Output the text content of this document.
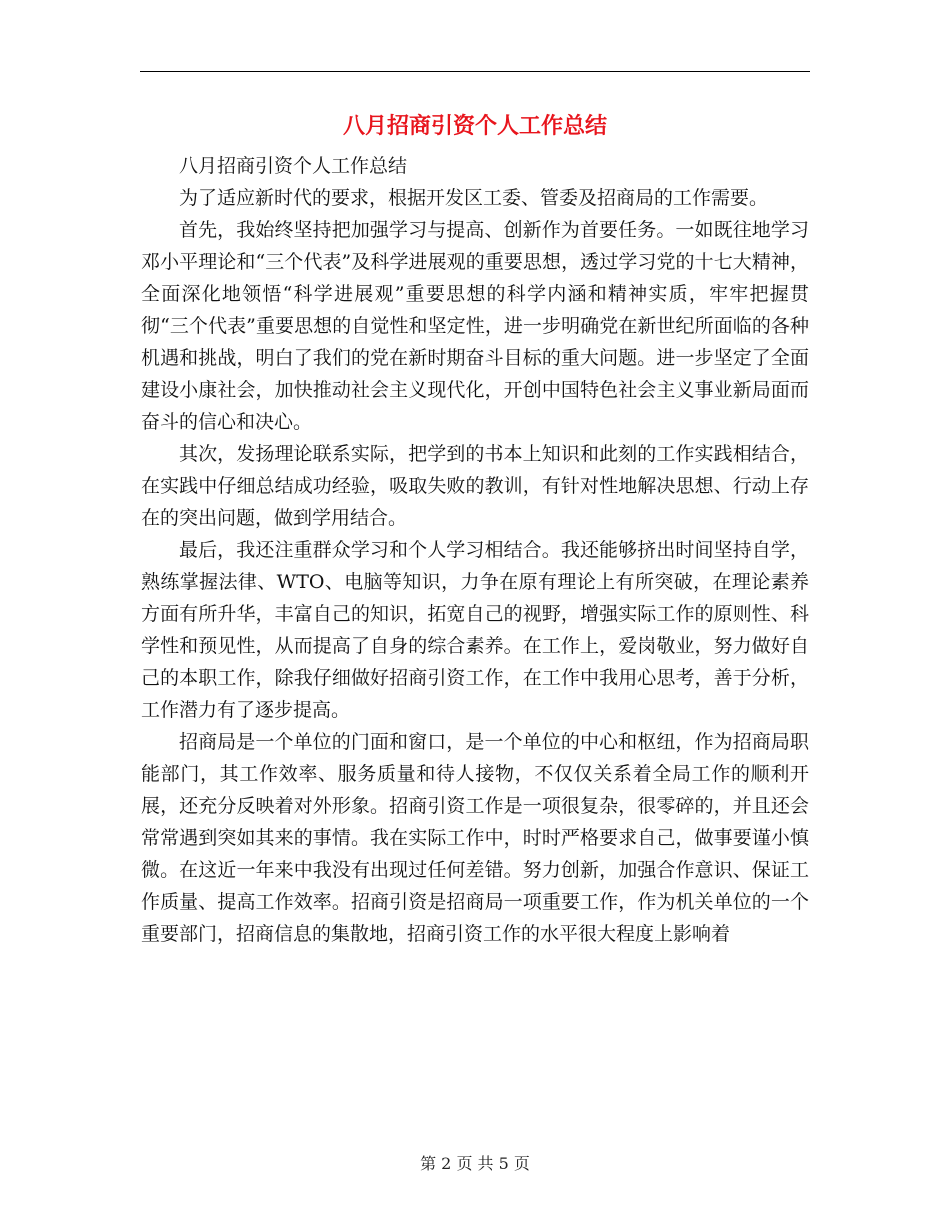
八月招商引资个人工作总结

八月招商引资个人工作总结

为了适应新时代的要求，根据开发区工委、管委及招商局的工作需要。

首先，我始终坚持把加强学习与提高、创新作为首要任务。一如既往地学习邓小平理论和“三个代表”及科学进展观的重要思想，透过学习党的十七大精神，全面深化地领悟“科学进展观”重要思想的科学内涵和精神实质，牢牢把握贯彻“三个代表”重要思想的自觉性和坚定性，进一步明确党在新世纪所面临的各种机遇和挑战，明白了我们的党在新时期奋斗目标的重大问题。进一步坚定了全面建设小康社会，加快推动社会主义现代化，开创中国特色社会主义事业新局面而奋斗的信心和决心。

其次，发扬理论联系实际，把学到的书本上知识和此刻的工作实践相结合，在实践中仔细总结成功经验，吸取失败的教训，有针对性地解决思想、行动上存在的突出问题，做到学用结合。

最后，我还注重群众学习和个人学习相结合。我还能够挤出时间坚持自学，熟练掌握法律、WTO、电脑等知识，力争在原有理论上有所突破，在理论素养方面有所升华，丰富自己的知识，拓宽自己的视野，增强实际工作的原则性、科学性和预见性，从而提高了自身的综合素养。在工作上，爱岗敬业，努力做好自己的本职工作，除我仔细做好招商引资工作，在工作中我用心思考，善于分析，工作潜力有了逐步提高。

招商局是一个单位的门面和窗口，是一个单位的中心和枢纽，作为招商局职能部门，其工作效率、服务质量和待人接物，不仅仅关系着全局工作的顺利开展，还充分反映着对外形象。招商引资工作是一项很复杂，很零碎的，并且还会常常遇到突如其来的事情。我在实际工作中，时时严格要求自己，做事要谨小慎微。在这近一年来中我没有出现过任何差错。努力创新，加强合作意识、保证工作质量、提高工作效率。招商引资是招商局一项重要工作，作为机关单位的一个重要部门，招商信息的集散地，招商引资工作的水平很大程度上影响着

第 2 页 共 5 页
